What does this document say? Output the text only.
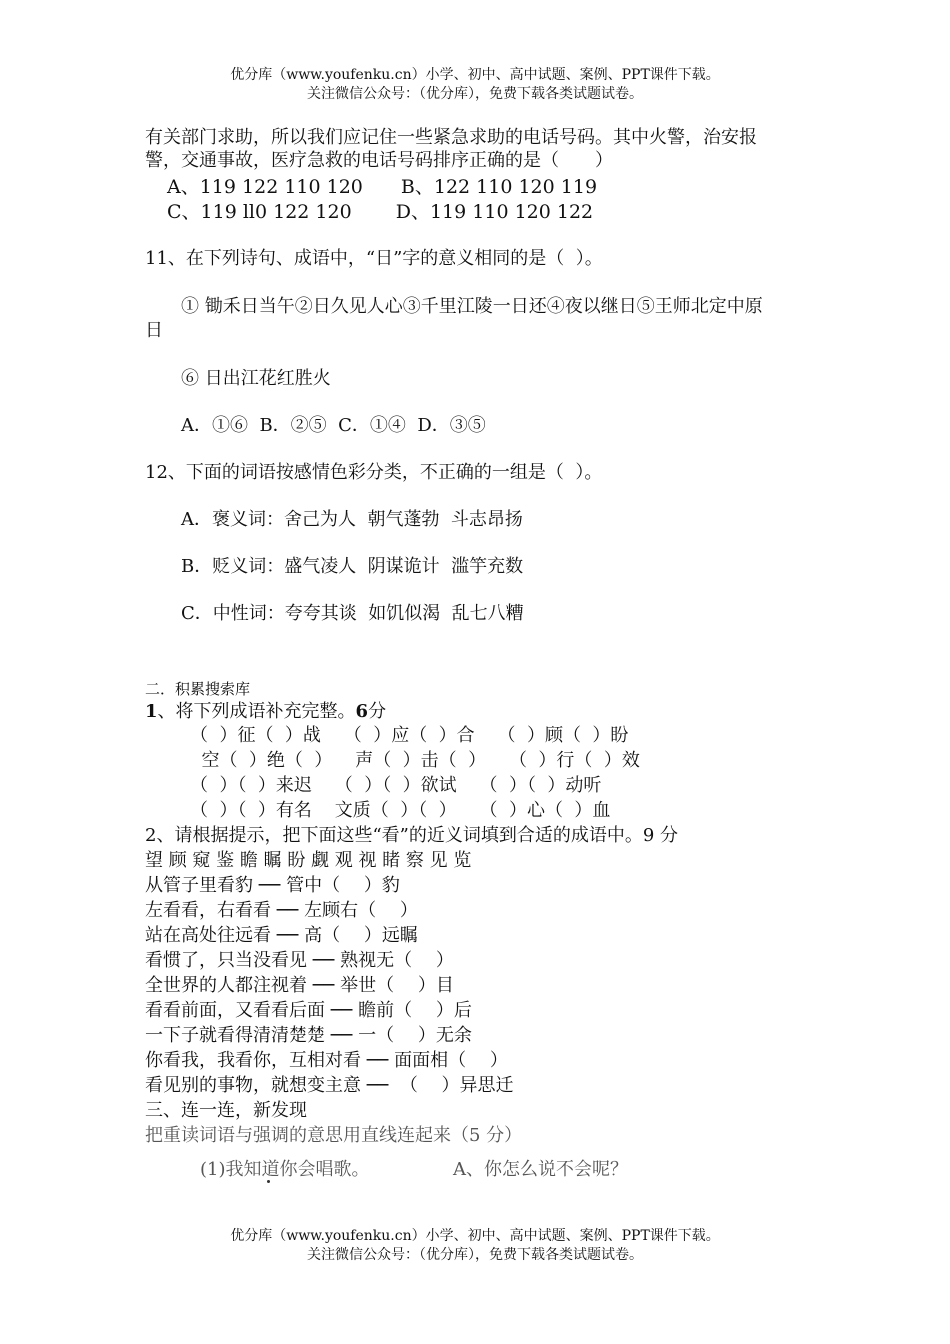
优分库（www.youfenku.cn）小学、初中、高中试题、案例、PPT课件下载。
关注微信公众号：（优分库），免费下载各类试题试卷。
有关部门求助，所以我们应记住一些紧急求助的电话号码。其中火警，治安报
警，交通事故，医疗急救的电话号码排序正确的是（　　）
A、119 122 110 120　　B、122 110 120 119
C、119 ll0 122 120　　 D、119 110 120 122
11、在下列诗句、成语中，“日”字的意义相同的是（  ）。
① 锄禾日当午②日久见人心③千里江陵一日还④夜以继日⑤王师北定中原
日
⑥ 日出江花红胜火
A．①⑥  B．②⑤  C．①④  D．③⑤
12、下面的词语按感情色彩分类，不正确的一组是（  ）。
A．褒义词：舍己为人  朝气蓬勃  斗志昂扬
B．贬义词：盛气凌人  阴谋诡计  滥竽充数
C．中性词：夸夸其谈  如饥似渴  乱七八糟
二．积累搜索库
1、将下列成语补充完整。6分
（  ）征（  ）战    （  ）应（  ）合    （  ）顾（  ）盼
空（  ）绝（  ）    声（  ）击（  ）    （  ）行（  ）效
（  ）（  ）来迟    （  ）（  ）欲试    （  ）（  ）动听
（  ）（  ）有名    文质（  ）（  ）    （  ）心（  ）血
2、请根据提示，把下面这些“看”的近义词填到合适的成语中。9 分
望 顾 窥 鉴 瞻 瞩 盼 觑 观 视 睹 察 见 览
从管子里看豹 ── 管中（　 ）豹
左看看，右看看 ── 左顾右（　 ）
站在高处往远看 ── 高（　 ）远瞩
看惯了，只当没看见 ── 熟视无（　 ）
全世界的人都注视着 ── 举世（　 ）目
看看前面，又看看后面 ── 瞻前（　 ）后
一下子就看得清清楚楚 ── 一（　 ）无余
你看我，我看你，互相对看 ── 面面相（　 ）
看见别的事物，就想变主意 ──  （　 ）异思迁
三、连一连，新发现
把重读词语与强调的意思用直线连起来（5 分）
(1)我知道你会唱歌。	A、你怎么说不会呢？
优分库（www.youfenku.cn）小学、初中、高中试题、案例、PPT课件下载。
关注微信公众号：（优分库），免费下载各类试题试卷。
